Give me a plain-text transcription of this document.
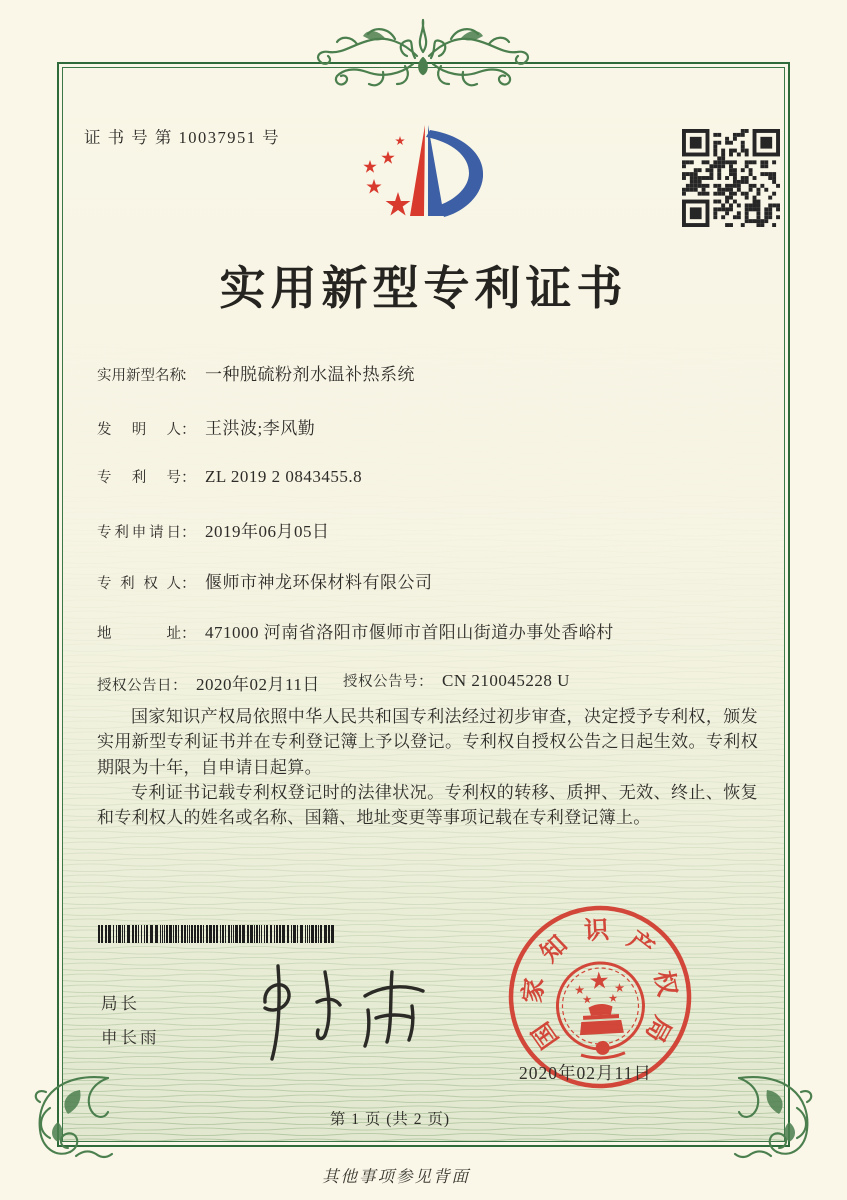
证 书 号 第 10037951 号
实用新型专利证书
实用新型名称： 一种脱硫粉剂水温补热系统
发明人： 王洪波;李风勤
专利号： ZL 2019 2 0843455.8
专利申请日： 2019年06月05日
专利权人： 偃师市神龙环保材料有限公司
地址： 471000 河南省洛阳市偃师市首阳山街道办事处香峪村
授权公告日： 2020年02月11日 授权公告号： CN 210045228 U

国家知识产权局依照中华人民共和国专利法经过初步审查，决定授予专利权，颁发实用新型专利证书并在专利登记簿上予以登记。专利权自授权公告之日起生效。专利权期限为十年，自申请日起算。

专利证书记载专利权登记时的法律状况。专利权的转移、质押、无效、终止、恢复和专利权人的姓名或名称、国籍、地址变更等事项记载在专利登记簿上。

局长
申长雨	国
家
知 识 产
权
局
2020年02月11日
第 1 页 (共 2 页)
其他事项参见背面
